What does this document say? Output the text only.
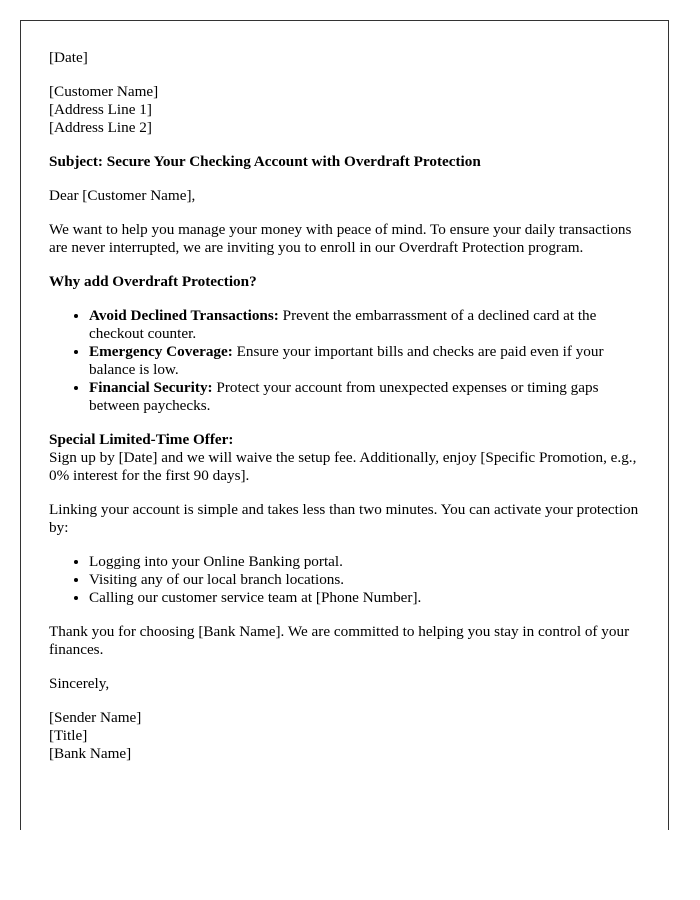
[Date]

[Customer Name]
[Address Line 1]
[Address Line 2]

Subject: Secure Your Checking Account with Overdraft Protection

Dear [Customer Name],

We want to help you manage your money with peace of mind. To ensure your daily transactions are never interrupted, we are inviting you to enroll in our Overdraft Protection program.

Why add Overdraft Protection?

• Avoid Declined Transactions: Prevent the embarrassment of a declined card at the checkout counter.
• Emergency Coverage: Ensure your important bills and checks are paid even if your balance is low.
• Financial Security: Protect your account from unexpected expenses or timing gaps between paychecks.

Special Limited-Time Offer:
Sign up by [Date] and we will waive the setup fee. Additionally, enjoy [Specific Promotion, e.g., 0% interest for the first 90 days].

Linking your account is simple and takes less than two minutes. You can activate your protection by:

• Logging into your Online Banking portal.
• Visiting any of our local branch locations.
• Calling our customer service team at [Phone Number].

Thank you for choosing [Bank Name]. We are committed to helping you stay in control of your finances.

Sincerely,

[Sender Name]
[Title]
[Bank Name]
